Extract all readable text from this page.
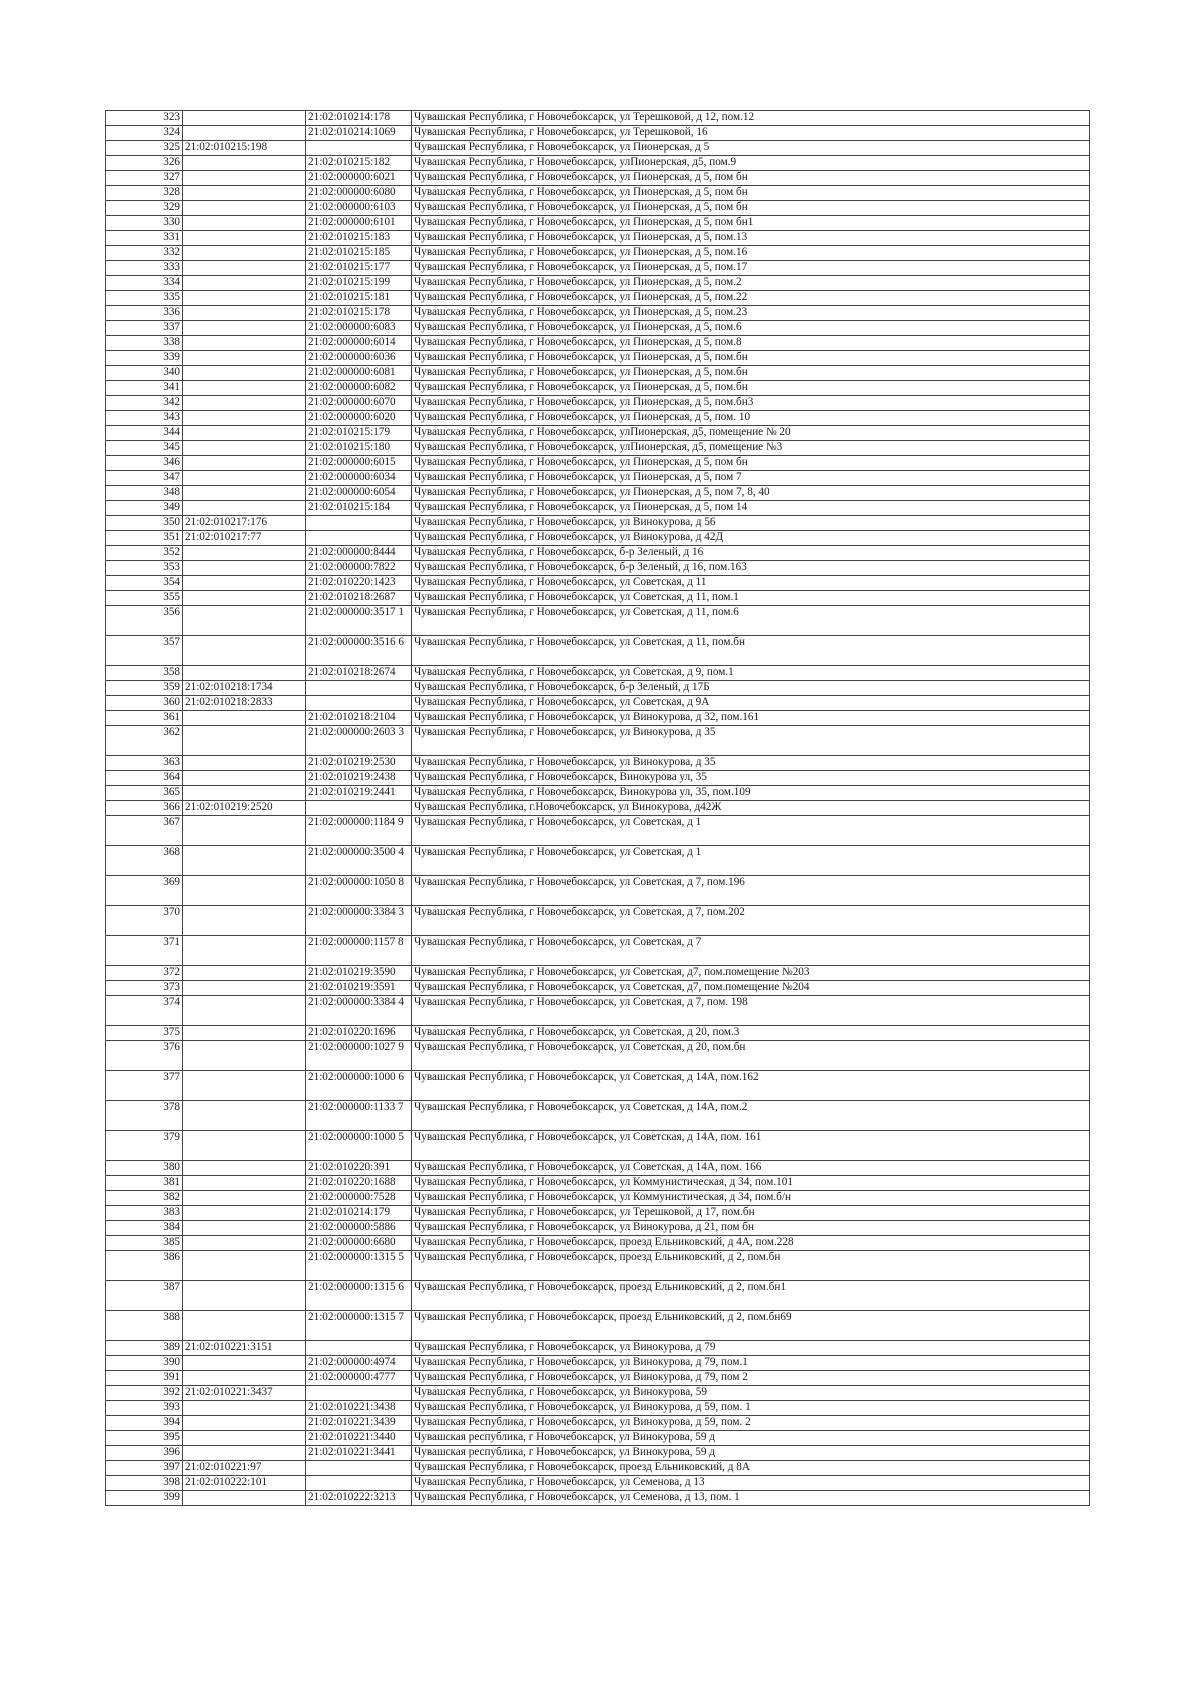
323		21:02:010214:178	Чувашская Республика, г Новочебоксарск, ул Терешковой, д 12, пом.12
324		21:02:010214:1069	Чувашская Республика, г Новочебоксарск, ул Терешковой, 16
325	21:02:010215:198		Чувашская Республика, г Новочебоксарск, ул Пионерская, д 5
326		21:02:010215:182	Чувашская Республика, г Новочебоксарск, улПионерская, д5, пом.9
327		21:02:000000:6021	Чувашская Республика, г Новочебоксарск, ул Пионерская, д 5, пом бн
328		21:02:000000:6080	Чувашская Республика, г Новочебоксарск, ул Пионерская, д 5, пом бн
329		21:02:000000:6103	Чувашская Республика, г Новочебоксарск, ул Пионерская, д 5, пом бн
330		21:02:000000:6101	Чувашская Республика, г Новочебоксарск, ул Пионерская, д 5, пом бн1
331		21:02:010215:183	Чувашская Республика, г Новочебоксарск, ул Пионерская, д 5, пом.13
332		21:02:010215:185	Чувашская Республика, г Новочебоксарск, ул Пионерская, д 5, пом.16
333		21:02:010215:177	Чувашская Республика, г Новочебоксарск, ул Пионерская, д 5, пом.17
334		21:02:010215:199	Чувашская Республика, г Новочебоксарск, ул Пионерская, д 5, пом.2
335		21:02:010215:181	Чувашская Республика, г Новочебоксарск, ул Пионерская, д 5, пом.22
336		21:02:010215:178	Чувашская Республика, г Новочебоксарск, ул Пионерская, д 5, пом.23
337		21:02:000000:6083	Чувашская Республика, г Новочебоксарск, ул Пионерская, д 5, пом.6
338		21:02:000000:6014	Чувашская Республика, г Новочебоксарск, ул Пионерская, д 5, пом.8
339		21:02:000000:6036	Чувашская Республика, г Новочебоксарск, ул Пионерская, д 5, пом.бн
340		21:02:000000:6081	Чувашская Республика, г Новочебоксарск, ул Пионерская, д 5, пом.бн
341		21:02:000000:6082	Чувашская Республика, г Новочебоксарск, ул Пионерская, д 5, пом.бн
342		21:02:000000:6070	Чувашская Республика, г Новочебоксарск, ул Пионерская, д 5, пом.бн3
343		21:02:000000:6020	Чувашская Республика, г Новочебоксарск, ул Пионерская, д 5, пом. 10
344		21:02:010215:179	Чувашская Республика, г Новочебоксарск, улПионерская, д5, помещение № 20
345		21:02:010215:180	Чувашская Республика, г Новочебоксарск, улПионерская, д5, помещение №3
346		21:02:000000:6015	Чувашская Республика, г Новочебоксарск, ул Пионерская, д 5, пом бн
347		21:02:000000:6034	Чувашская Республика, г Новочебоксарск, ул Пионерская, д 5, пом 7
348		21:02:000000:6054	Чувашская Республика, г Новочебоксарск, ул Пионерская, д 5, пом 7, 8, 40
349		21:02:010215:184	Чувашская Республика, г Новочебоксарск, ул Пионерская, д 5, пом 14
350	21:02:010217:176		Чувашская Республика, г Новочебоксарск, ул Винокурова, д 56
351	21:02:010217:77		Чувашская Республика, г Новочебоксарск, ул Винокурова, д 42Д
352		21:02:000000:8444	Чувашская Республика, г Новочебоксарск, б-р Зеленый, д 16
353		21:02:000000:7822	Чувашская Республика, г Новочебоксарск, б-р Зеленый, д 16, пом.163
354		21:02:010220:1423	Чувашская Республика, г Новочебоксарск, ул Советская, д 11
355		21:02:010218:2687	Чувашская Республика, г Новочебоксарск, ул Советская, д 11, пом.1
356		21:02:000000:3517 1	Чувашская Республика, г Новочебоксарск, ул Советская, д 11, пом.6
357		21:02:000000:3516 6	Чувашская Республика, г Новочебоксарск, ул Советская, д 11, пом.бн
358		21:02:010218:2674	Чувашская Республика, г Новочебоксарск, ул Советская, д 9, пом.1
359	21:02:010218:1734		Чувашская Республика, г Новочебоксарск, б-р Зеленый, д 17Б
360	21:02:010218:2833		Чувашская Республика, г Новочебоксарск, ул Советская, д 9А
361		21:02:010218:2104	Чувашская Республика, г Новочебоксарск, ул Винокурова, д 32, пом.161
362		21:02:000000:2603 3	Чувашская Республика, г Новочебоксарск, ул Винокурова, д 35
363		21:02:010219:2530	Чувашская Республика, г Новочебоксарск, ул Винокурова, д 35
364		21:02:010219:2438	Чувашская Республика, г Новочебоксарск, Винокурова ул, 35
365		21:02:010219:2441	Чувашская Республика, г Новочебоксарск, Винокурова ул, 35, пом.109
366	21:02:010219:2520		Чувашская Республика, г.Новочебоксарск, ул Винокурова, д42Ж
367		21:02:000000:1184 9	Чувашская Республика, г Новочебоксарск, ул Советская, д 1
368		21:02:000000:3500 4	Чувашская Республика, г Новочебоксарск, ул Советская, д 1
369		21:02:000000:1050 8	Чувашская Республика, г Новочебоксарск, ул Советская, д 7, пом.196
370		21:02:000000:3384 3	Чувашская Республика, г Новочебоксарск, ул Советская, д 7, пом.202
371		21:02:000000:1157 8	Чувашская Республика, г Новочебоксарск, ул Советская, д 7
372		21:02:010219:3590	Чувашская Республика, г Новочебоксарск, ул Советская, д7, пом.помещение №203
373		21:02:010219:3591	Чувашская Республика, г Новочебоксарск, ул Советская, д7, пом.помещение №204
374		21:02:000000:3384 4	Чувашская Республика, г Новочебоксарск, ул Советская, д 7, пом. 198
375		21:02:010220:1696	Чувашская Республика, г Новочебоксарск, ул Советская, д 20, пом.3
376		21:02:000000:1027 9	Чувашская Республика, г Новочебоксарск, ул Советская, д 20, пом.бн
377		21:02:000000:1000 6	Чувашская Республика, г Новочебоксарск, ул Советская, д 14А, пом.162
378		21:02:000000:1133 7	Чувашская Республика, г Новочебоксарск, ул Советская, д 14А, пом.2
379		21:02:000000:1000 5	Чувашская Республика, г Новочебоксарск, ул Советская, д 14А, пом. 161
380		21:02:010220:391	Чувашская Республика, г Новочебоксарск, ул Советская, д 14А, пом. 166
381		21:02:010220:1688	Чувашская Республика, г Новочебоксарск, ул Коммунистическая, д 34, пом.101
382		21:02:000000:7528	Чувашская Республика, г Новочебоксарск, ул Коммунистическая, д 34, пом.б/н
383		21:02:010214:179	Чувашская Республика, г Новочебоксарск, ул Терешковой, д 17, пом.бн
384		21:02:000000:5886	Чувашская Республика, г Новочебоксарск, ул Винокурова, д 21, пом бн
385		21:02:000000:6680	Чувашская Республика, г Новочебоксарск, проезд Ельниковский, д 4А, пом.228
386		21:02:000000:1315 5	Чувашская Республика, г Новочебоксарск, проезд Ельниковский, д 2, пом.бн
387		21:02:000000:1315 6	Чувашская Республика, г Новочебоксарск, проезд Ельниковский, д 2, пом.бн1
388		21:02:000000:1315 7	Чувашская Республика, г Новочебоксарск, проезд Ельниковский, д 2, пом.бн69
389	21:02:010221:3151		Чувашская Республика, г Новочебоксарск, ул Винокурова, д 79
390		21:02:000000:4974	Чувашская Республика, г Новочебоксарск, ул Винокурова, д 79, пом.1
391		21:02:000000:4777	Чувашская Республика, г Новочебоксарск, ул Винокурова, д 79, пом 2
392	21:02:010221:3437		Чувашская Республика, г Новочебоксарск, ул Винокурова, 59
393		21:02:010221:3438	Чувашская Республика, г Новочебоксарск, ул Винокурова, д 59, пом. 1
394		21:02:010221:3439	Чувашская Республика, г Новочебоксарск, ул Винокурова, д 59, пом. 2
395		21:02:010221:3440	Чувашская республика, г Новочебоксарск, ул Винокурова, 59 д
396		21:02:010221:3441	Чувашская республика, г Новочебоксарск, ул Винокурова, 59 д
397	21:02:010221:97		Чувашская Республика, г Новочебоксарск, проезд Ельниковский, д 8А
398	21:02:010222:101		Чувашская Республика, г Новочебоксарск, ул Семенова, д 13
399		21:02:010222:3213	Чувашская Республика, г Новочебоксарск, ул Семенова, д 13, пом. 1
